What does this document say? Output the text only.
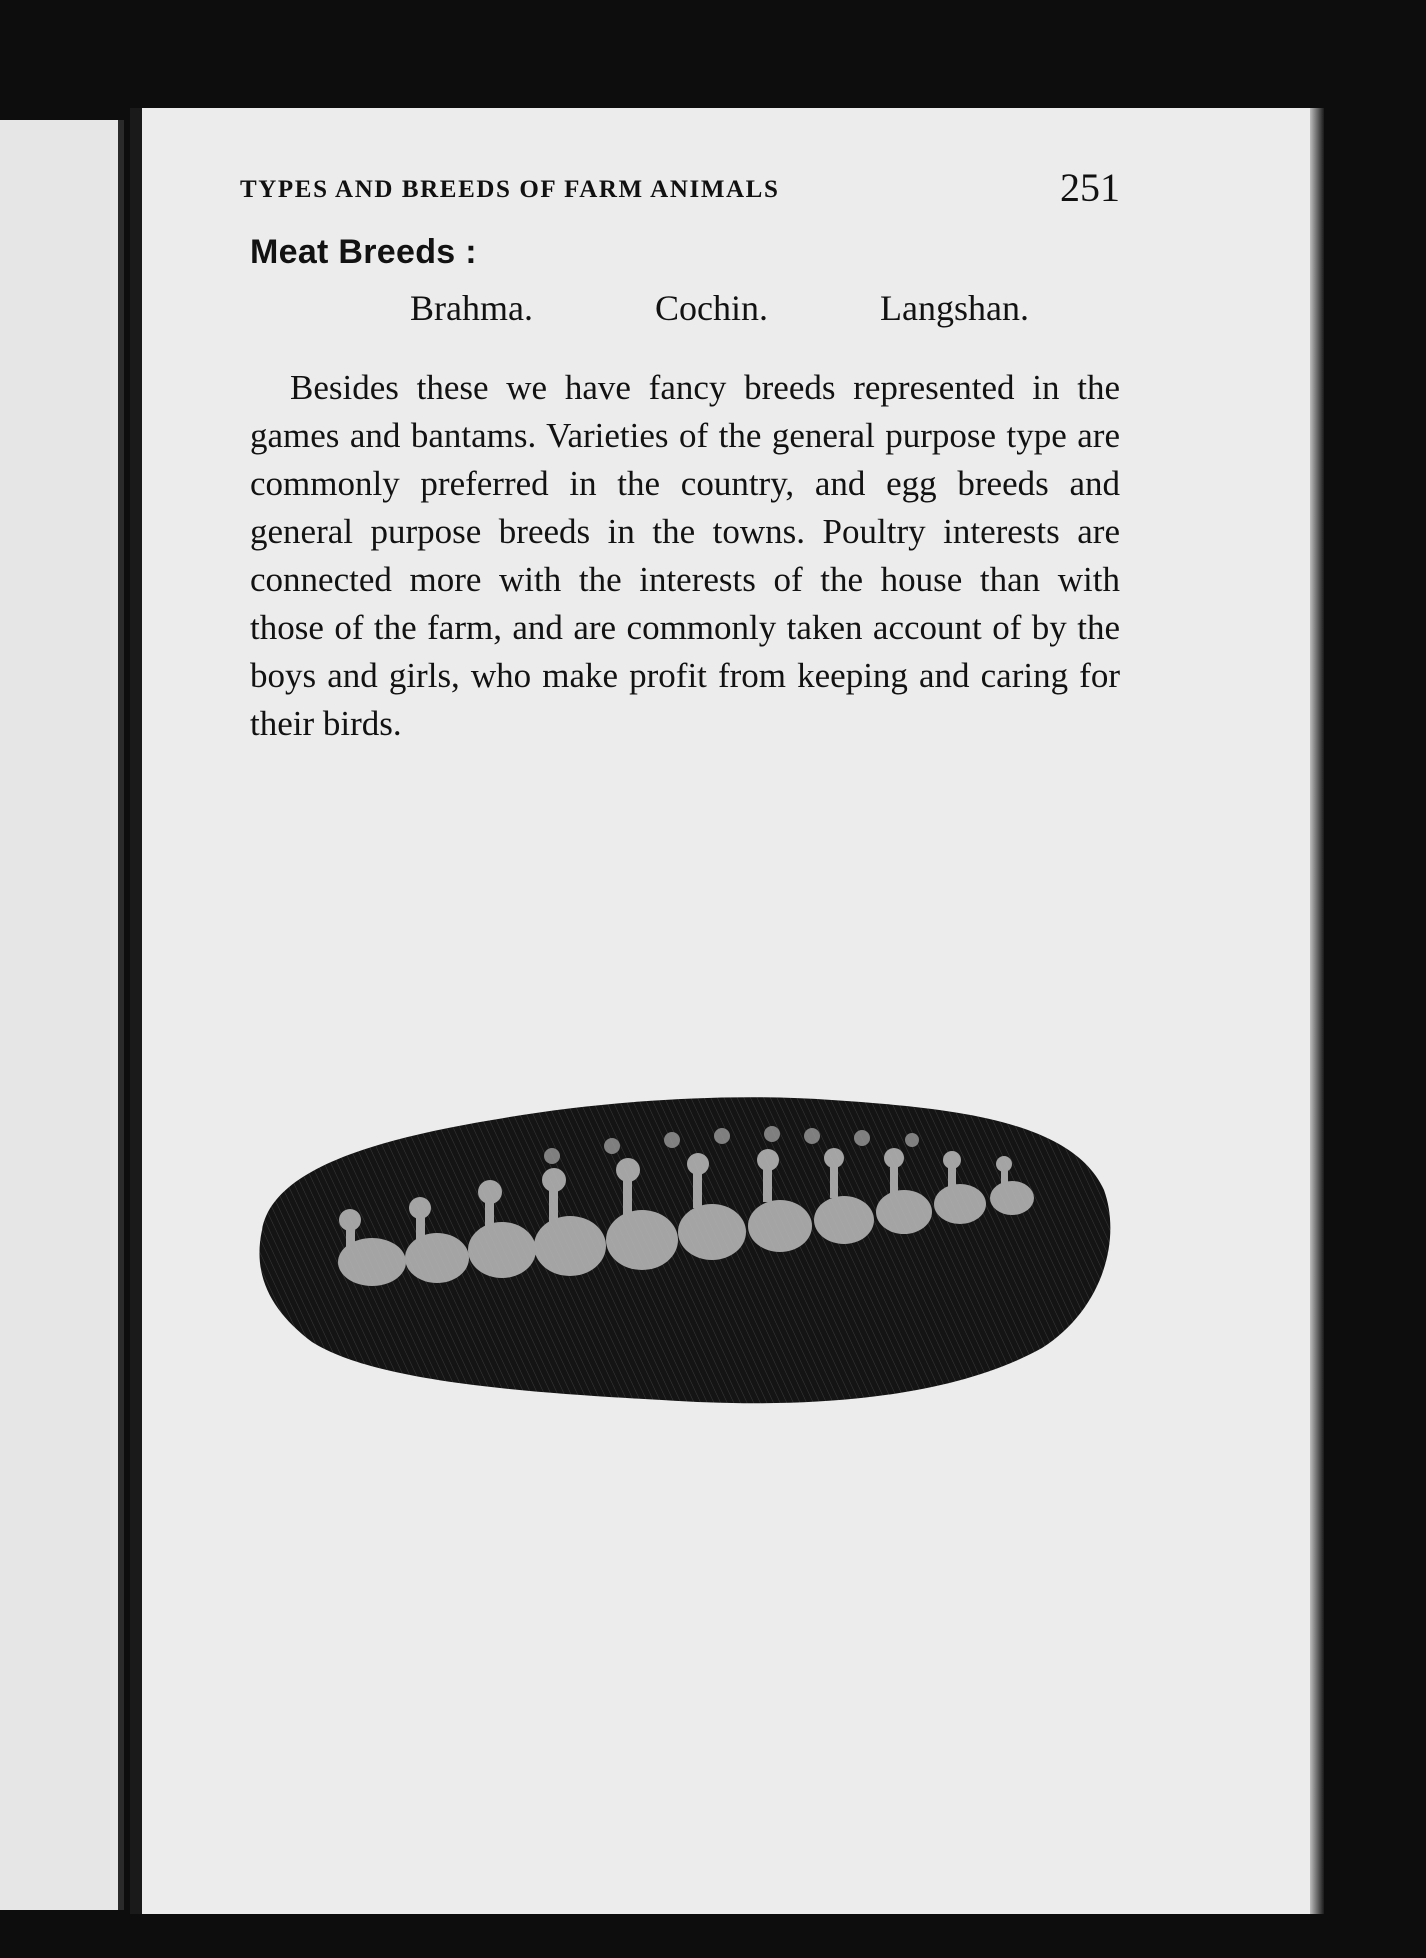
TYPES AND BREEDS OF FARM ANIMALS	251
Meat Breeds :
Brahma.	Cochin.	Langshan.

Besides these we have fancy breeds represented in the games and bantams. Varieties of the general purpose type are commonly preferred in the country, and egg breeds and general purpose breeds in the towns. Poultry interests are connected more with the interests of the house than with those of the farm, and are commonly taken account of by the boys and girls, who make profit from keeping and caring for their birds.
